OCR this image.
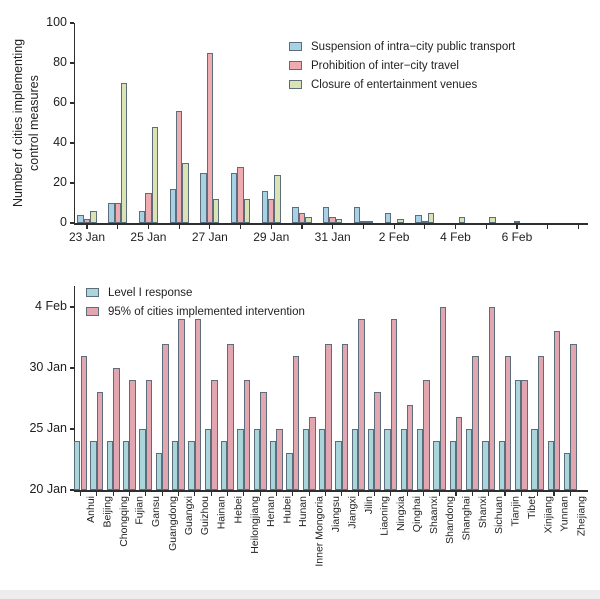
Number of cities implementing control measures
Suspension of intra−city public transport
Prohibition of inter−city travel
Closure of entertainment venues
Level I response
95% of cities implemented intervention
0
20
40
60
80
100
23 Jan	25 Jan	27 Jan	29 Jan	31 Jan	2 Feb	4 Feb	6 Feb
20 Jan
25 Jan
30 Jan
4 Feb
Anhui Beijing Chongqing Fujian Gansu Guangdong Guangxi Guizhou Hainan Hebei Heilongjiang Henan Hubei Hunan Inner Mongoria Jiangsu Jiangxi Jilin Liaoning Ningxia Qinghai Shaanxi Shandong Shanghai Shanxi Sichuan Tianjin Tibet Xinjiang Yunnan Zhejiang
